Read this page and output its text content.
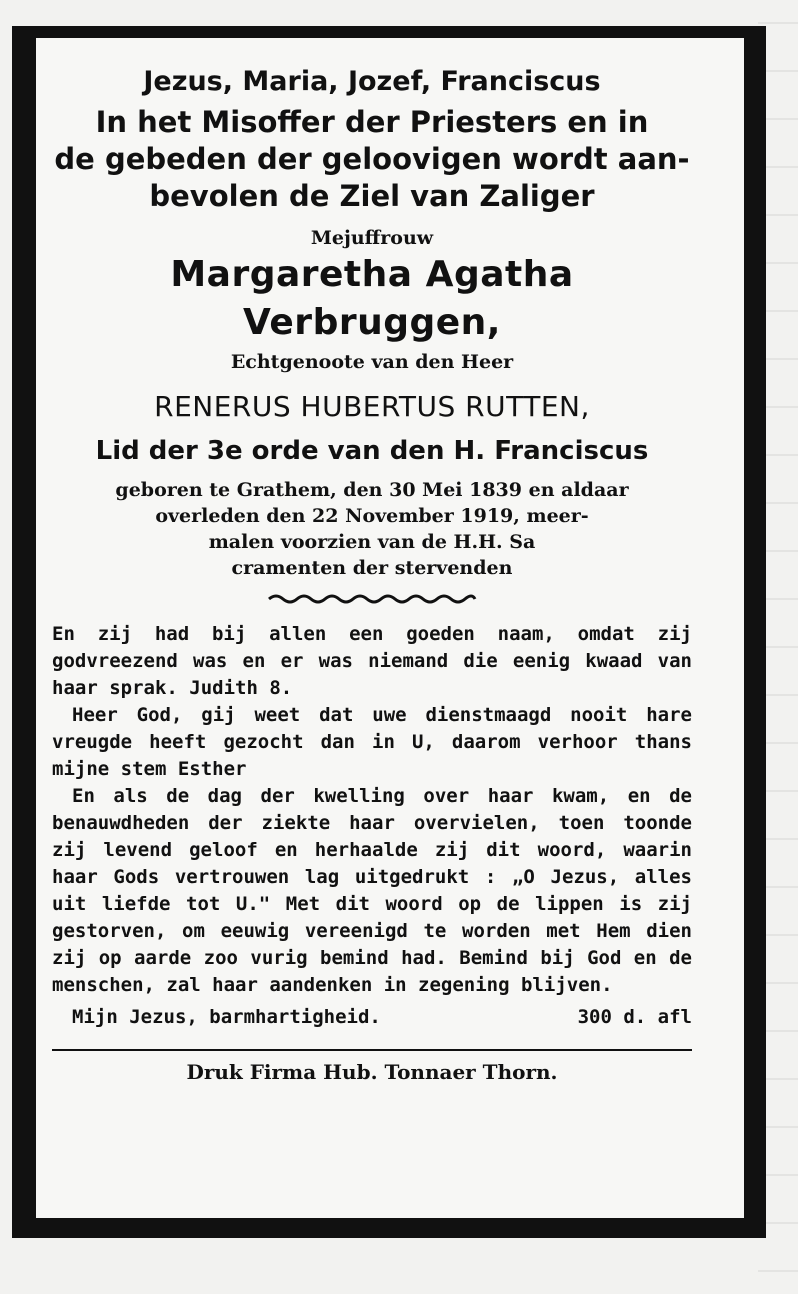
Jezus, Maria, Jozef, Franciscus

In het Misoffer der Priesters en in

de gebeden der geloovigen wordt aan-

bevolen de Ziel van Zaliger

Mejuffrouw

Margaretha Agatha Verbruggen,

Echtgenoote van den Heer

RENERUS HUBERTUS RUTTEN,

Lid der 3e orde van den H. Franciscus

geboren te Grathem, den 30 Mei 1839 en aldaar

overleden den 22 November 1919, meer-

malen voorzien van de H.H. Sa

cramenten der stervenden

En zij had bij allen een goeden naam, omdat zij godvreezend was en er was niemand die eenig kwaad van haar sprak. Judith 8.

Heer God, gij weet dat uwe dienstmaagd nooit hare vreugde heeft gezocht dan in U, daarom verhoor thans mijne stem Esther

En als de dag der kwelling over haar kwam, en de benauwdheden der ziekte haar overvielen, toen toonde zij levend geloof en herhaalde zij dit woord, waarin haar Gods vertrouwen lag uitgedrukt : „O Jezus, alles uit liefde tot U." Met dit woord op de lippen is zij gestorven, om eeuwig vereenigd te worden met Hem dien zij op aarde zoo vurig bemind had. Bemind bij God en de menschen, zal haar aandenken in zegening blijven.

Mijn Jezus, barmhartigheid.	300 d. afl

Druk Firma Hub. Tonnaer Thorn.
